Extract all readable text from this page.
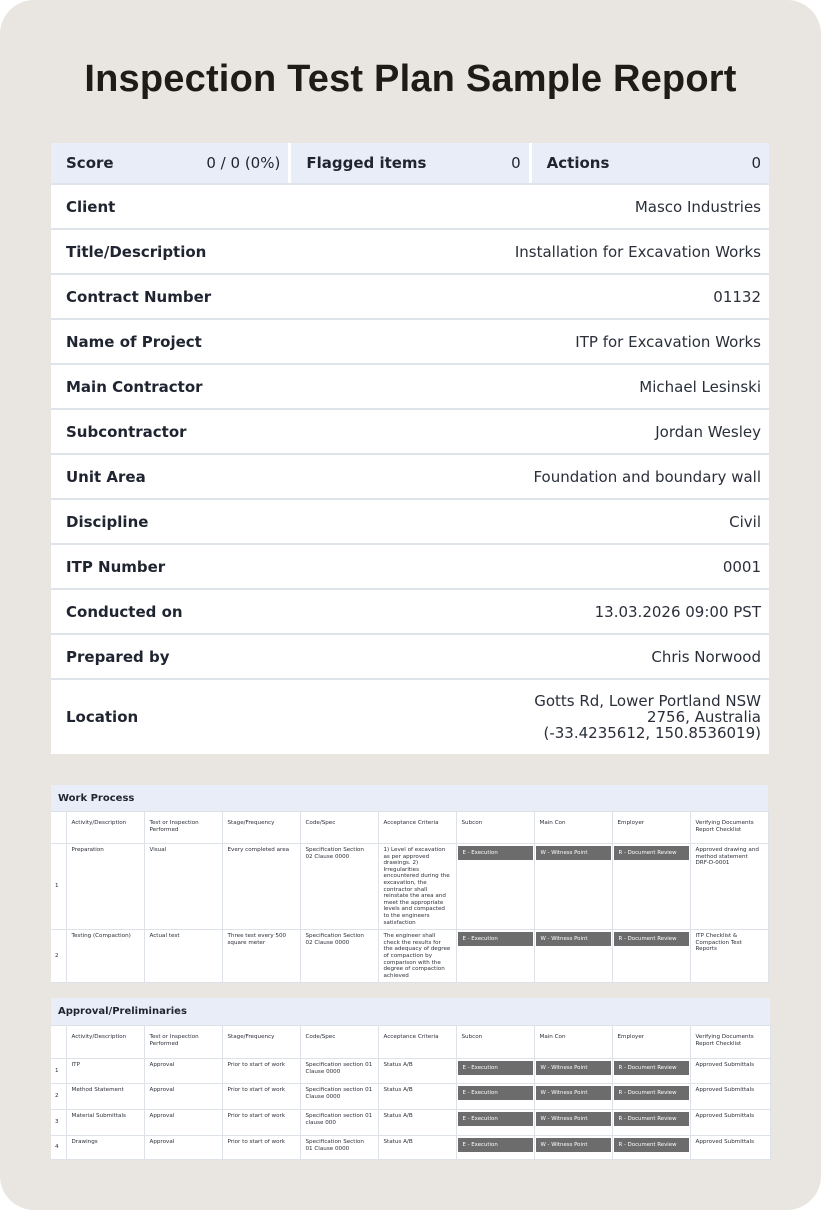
Inspection Test Plan Sample Report
Score	0 / 0 (0%) Flagged items	0 Actions	0
Client	Masco Industries
Title/Description	Installation for Excavation Works
Contract Number	01132
Name of Project	ITP for Excavation Works
Main Contractor	Michael Lesinski
Subcontractor	Jordan Wesley
Unit Area	Foundation and boundary wall
Discipline	Civil
ITP Number	0001
Conducted on	13.03.2026 09:00 PST
Prepared by	Chris Norwood
Location
Gotts Rd, Lower Portland NSW
2756, Australia
(-33.4235612, 150.8536019)
Work Process
	Activity/Description	Test or Inspection Performed	Stage/Frequency	Code/Spec	Acceptance Criteria	Subcon	Main Con	Employer	Verifying Documents Report Checklist
1	Preparation	Visual	Every completed area	Specification Section 02 Clause 0000	1) Level of excavation as per approved drawings. 2) Irregularities encountered during the excavation, the contractor shall reinstate the area and meet the appropriate levels and compacted to the engineers satisfaction	E - Execution	W - Witness Point	R - Document Review	Approved drawing and method statement DRF-D-0001
2	Testing (Compaction)	Actual test	Three test every 500 square meter	Specification Section 02 Clause 0000	The engineer shall check the results for the adequacy of degree of compaction by comparison with the degree of compaction achieved	E - Execution	W - Witness Point	R - Document Review	ITP Checklist & Compaction Test Reports
Approval/Preliminaries
	Activity/Description	Test or Inspection Performed	Stage/Frequency	Code/Spec	Acceptance Criteria	Subcon	Main Con	Employer	Verifying Documents Report Checklist
1	ITP	Approval	Prior to start of work	Specification section 01 Clause 0000	Status A/B	E - Execution	W - Witness Point	R - Document Review	Approved Submittals
2	Method Statement	Approval	Prior to start of work	Specification section 01 Clause 0000	Status A/B	E - Execution	W - Witness Point	R - Document Review	Approved Submittals
3	Material Submittals	Approval	Prior to start of work	Specification section 01 clause 000	Status A/B	E - Execution	W - Witness Point	R - Document Review	Approved Submittals
4	Drawings	Approval	Prior to start of work	Specification Section 01 Clause 0000	Status A/B	E - Execution	W - Witness Point	R - Document Review	Approved Submittals
